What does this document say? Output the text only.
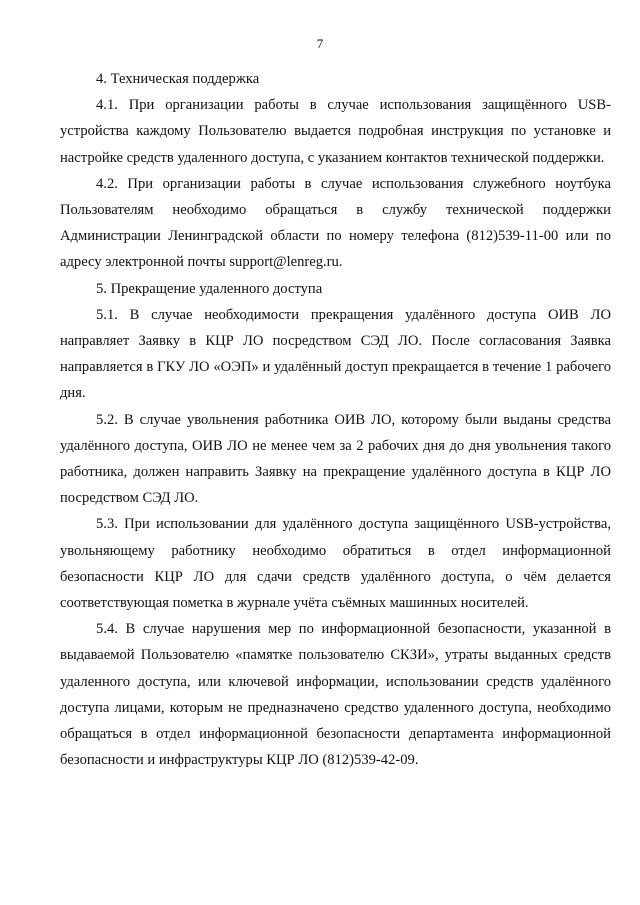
7

4. Техническая поддержка

4.1. При организации работы в случае использования защищённого USB-устройства каждому Пользователю выдается подробная инструкция по установке и настройке средств удаленного доступа, с указанием контактов технической поддержки.

4.2. При организации работы в случае использования служебного ноутбука Пользователям необходимо обращаться в службу технической поддержки Администрации Ленинградской области по номеру телефона (812)539-11-00 или по адресу электронной почты support@lenreg.ru.

5. Прекращение удаленного доступа

5.1. В случае необходимости прекращения удалённого доступа ОИВ ЛО направляет Заявку в КЦР ЛО посредством СЭД ЛО. После согласования Заявка направляется в ГКУ ЛО «ОЭП» и удалённый доступ прекращается в течение 1 рабочего дня.

5.2. В случае увольнения работника ОИВ ЛО, которому были выданы средства удалённого доступа, ОИВ ЛО не менее чем за 2 рабочих дня до дня увольнения такого работника, должен направить Заявку на прекращение удалённого доступа в КЦР ЛО посредством СЭД ЛО.

5.3. При использовании для удалённого доступа защищённого USB-устройства, увольняющему работнику необходимо обратиться в отдел информационной безопасности КЦР ЛО для сдачи средств удалённого доступа, о чём делается соответствующая пометка в журнале учёта съёмных машинных носителей.

5.4. В случае нарушения мер по информационной безопасности, указанной в выдаваемой Пользователю «памятке пользователю СКЗИ», утраты выданных средств удаленного доступа, или ключевой информации, использовании средств удалённого доступа лицами, которым не предназначено средство удаленного доступа, необходимо обращаться в отдел информационной безопасности департамента информационной безопасности и инфраструктуры КЦР ЛО (812)539-42-09.
